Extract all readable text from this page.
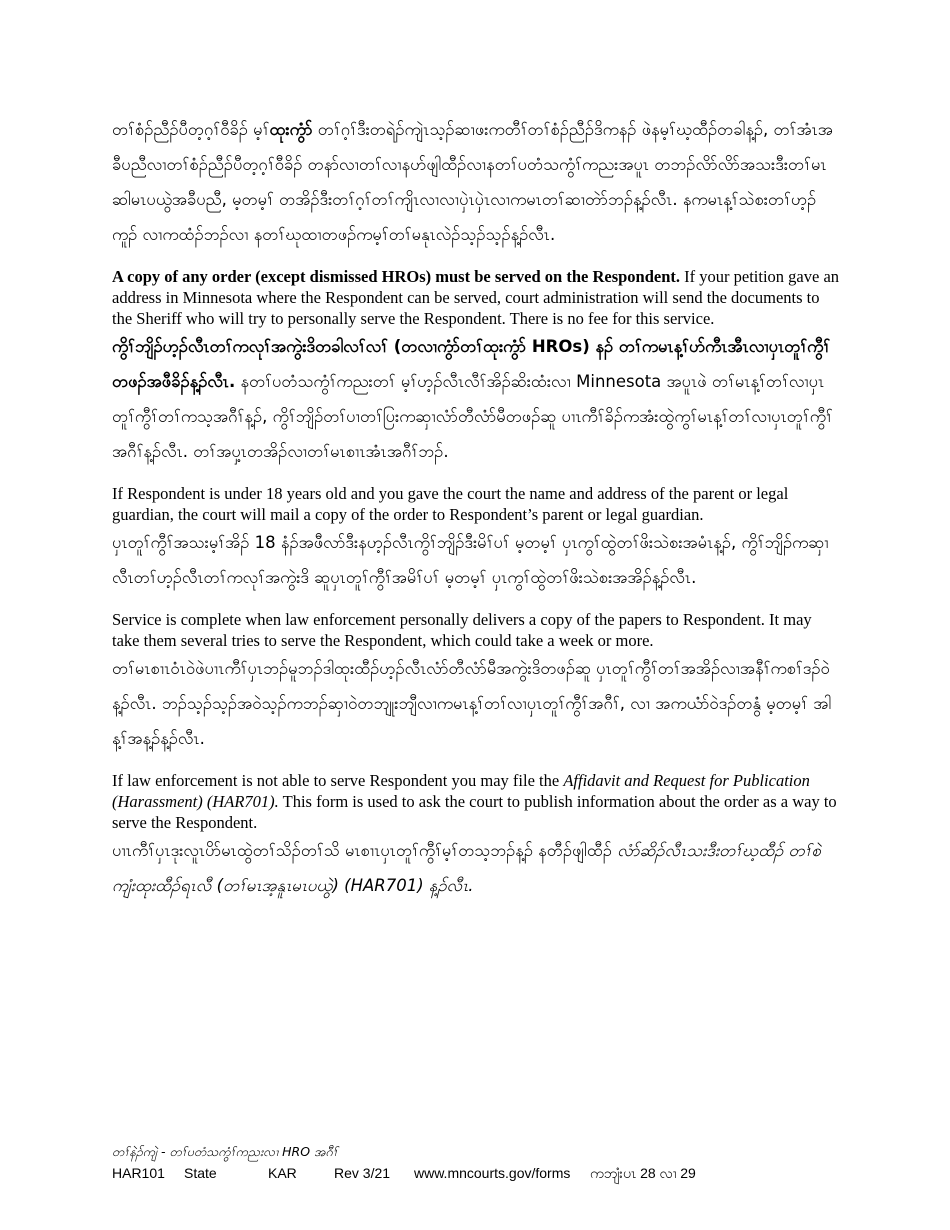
တၢ်စံၣ်ညီၣ်ပီတ့ဂ့ၢ်ဝီခိၣ် မ့ၢ်ထုးကွံာ် တၢ်ဂ့ၢ်ဒီးတရဲၣ်ကျဲၤသ့ၣ်ဆၢဖးကတီၢ်တၢ်စံၣ်ညီၣ်ဒိကနၣ် ဖဲနမ့ၢ်ဃ့ထီၣ်တခါန့ၣ်, တၢ်အံၤအခီပညီလၢတၢ်စံၣ်ညီၣ်ပီတ့ဂ့ၢ်ဝီခိၣ် တနာ်လၢတၢ်လၢနဟ်ဖျါထီၣ်လၢနတၢ်ပတံသကွံၢ်ကညးအပူၤ တဘၣ်လိာ်လိာ်အသးဒီးတၢ်မၤဆါမၤပယွဲအခီပညီ, မ့တမ့ၢ် တအိၣ်ဒီးတၢ်ဂ့ၢ်တၢ်ကျိၤလၢလၢပှဲၤပှဲၤလၢကမၤတၢ်ဆၢတဲာ်ဘၣ်န့ၣ်လီၤ. နကမၤန့ၢ်သဲစးတၢ်ဟ့ၣ်ကူၣ် လၢကထံၣ်ဘၣ်လၢ နတၢ်ဃုထၢတဖၣ်ကမ့ၢ်တၢ်မနုၤလဲၣ်သ့ၣ်သ့ၣ်န့ၣ်လီၤ.

A copy of any order (except dismissed HROs) must be served on the Respondent. If your petition gave an address in Minnesota where the Respondent can be served, court administration will send the documents to the Sheriff who will try to personally serve the Respondent. There is no fee for this service.

ကွိၢ်ဘျိၣ်ဟ့ၣ်လီၤတၢ်ကလုၢ်အကွဲးဒိတခါလၢ်လၢ် (တလၢကွံာ်တၢ်ထုးကွံာ် HROs) နၣ် တၢ်ကမၤန့ၢ်ဟ်ကီၤအီၤလၢပှၤတူၢ်ကွီၢ်တဖၣ်အဖီခိၣ်န့ၣ်လီၤ. နတၢ်ပတံသကွံၢ်ကညးတၢ် မ့ၢ်ဟ့ၣ်လီၤလီၢ်အိၣ်ဆိးထံးလၢ Minnesota အပူၤဖဲ တၢ်မၤန့ၢ်တၢ်လၢပှၤတူၢ်ကွီၢ်တၢ်ကသ့အဂီၢ်န့ၣ်, ကွိၢ်ဘျိၣ်တၢ်ပၢတၢ်ပြးကဆှၢလံာ်တီလံာ်မီတဖၣ်ဆူ ပၢၤကီၢ်ခိၣ်ကအံးထွဲကွၢ်မၤန့ၢ်တၢ်လၢပှၤတူၢ်ကွီၢ်အဂီၢ်န့ၣ်လီၤ. တၢ်အပှ့ၤတအိၣ်လၢတၢ်မၤစၢၤအံၤအဂီၢ်ဘၣ်.

If Respondent is under 18 years old and you gave the court the name and address of the parent or legal guardian, the court will mail a copy of the order to Respondent’s parent or legal guardian.

ပှၤတူၢ်ကွီၢ်အသးမ့ၢ်အိၣ် 18 နံၣ်အဖီလာ်ဒီးနဟ့ၣ်လီၤကွိၢ်ဘျိၣ်ဒီးမိၢ်ပၢ် မ့တမ့ၢ် ပှၤကွၢ်ထွဲတၢ်ဖိးသဲစးအမံၤန့ၣ်, ကွိၢ်ဘျိၣ်ကဆှၢလီၤတၢ်ဟ့ၣ်လီၤတၢ်ကလုၢ်အကွဲးဒိ ဆူပှၤတူၢ်ကွီၢ်အမိၢ်ပၢ် မ့တမ့ၢ် ပှၤကွၢ်ထွဲတၢ်ဖိးသဲစးအအိၣ်န့ၣ်လီၤ.

Service is complete when law enforcement personally delivers a copy of the papers to Respondent. It may take them several tries to serve the Respondent, which could take a week or more.

တၢ်မၤစၢၤဝံၤဝဲဖဲပၢၤကီၢ်ပှၤဘၣ်မူဘၣ်ဒါထုးထီၣ်ဟ့ၣ်လီၤလံာ်တီလံာ်မီအကွဲးဒိတဖၣ်ဆူ ပှၤတူၢ်ကွီၢ်တၢ်အအိၣ်လၢအနီၢ်ကစၢ်ဒၣ်ဝဲန့ၣ်လီၤ. ဘၣ်သ့ၣ်သ့ၣ်အဝဲသ့ၣ်ကဘၣ်ဆှၢဝဲတဘျုးဘျီလၢကမၤန့ၢ်တၢ်လၢပှၤတူၢ်ကွီၢ်အဂီၢ်, လၢ အကယံာ်ဝဲဒၣ်တနွံ မ့တမ့ၢ် အါန့ၢ်အန့ၣ်န့ၣ်လီၤ.

If law enforcement is not able to serve Respondent you may file the Affidavit and Request for Publication (Harassment) (HAR701). This form is used to ask the court to publish information about the order as a way to serve the Respondent.

ပၢၤကီၢ်ပှၤဒုးလူၤပိာ်မၤထွဲတၢ်သိၣ်တၢ်သိ မၤစၢၤပှၤတူၢ်ကွီၢ်မ့ၢ်တသ့ဘၣ်န့ၣ် နတီၣ်ဖျါထီၣ် လံာ်ဆိၣ်လီၤသးဒီးတၢ်ဃ့ထီၣ် တၢ်စဲကျံးထုးထီၣ်ရၤလီ (တၢ်မၤအ့နူၤမၤပယွဲ) (HAR701) န့ၣ်လီၤ.

တၢ်နဲၣ်ကျဲ - တၢ်ပတံသကွံၢ်ကညးလၢ HRO အဂီၢ်

HAR101	State	KAR	Rev 3/21	www.mncourts.gov/forms	ကဘျံးပၤ 28 လၢ 29
